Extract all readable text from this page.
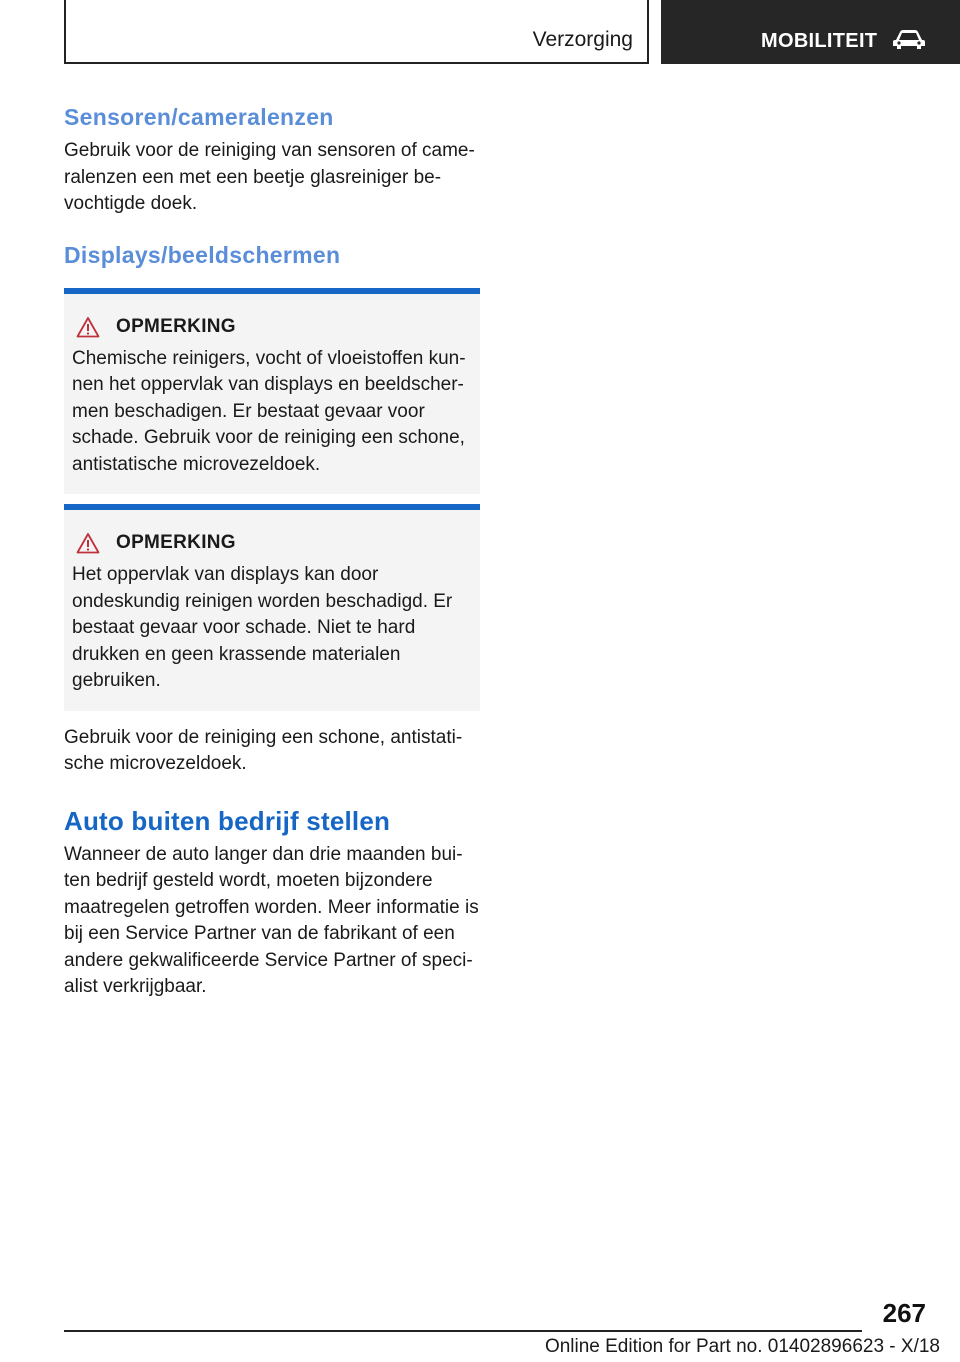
Verzorging	MOBILITEIT
Sensoren/cameralenzen

Gebruik voor de reiniging van sensoren of cameralenzen een met een beetje glasreiniger bevochtigde doek.

Displays/beeldschermen
OPMERKING

Chemische reinigers, vocht of vloeistoffen kunnen het oppervlak van displays en beeldschermen beschadigen. Er bestaat gevaar voor schade. Gebruik voor de reiniging een schone, antistatische microvezeldoek.

OPMERKING

Het oppervlak van displays kan door ondeskundig reinigen worden beschadigd. Er bestaat gevaar voor schade. Niet te hard drukken en geen krassende materialen gebruiken.

Gebruik voor de reiniging een schone, antistatische microvezeldoek.

Auto buiten bedrijf stellen

Wanneer de auto langer dan drie maanden buiten bedrijf gesteld wordt, moeten bijzondere maatregelen getroffen worden. Meer informatie is bij een Service Partner van de fabrikant of een andere gekwalificeerde Service Partner of specialist verkrijgbaar.

267
Online Edition for Part no. 01402896623 - X/18
